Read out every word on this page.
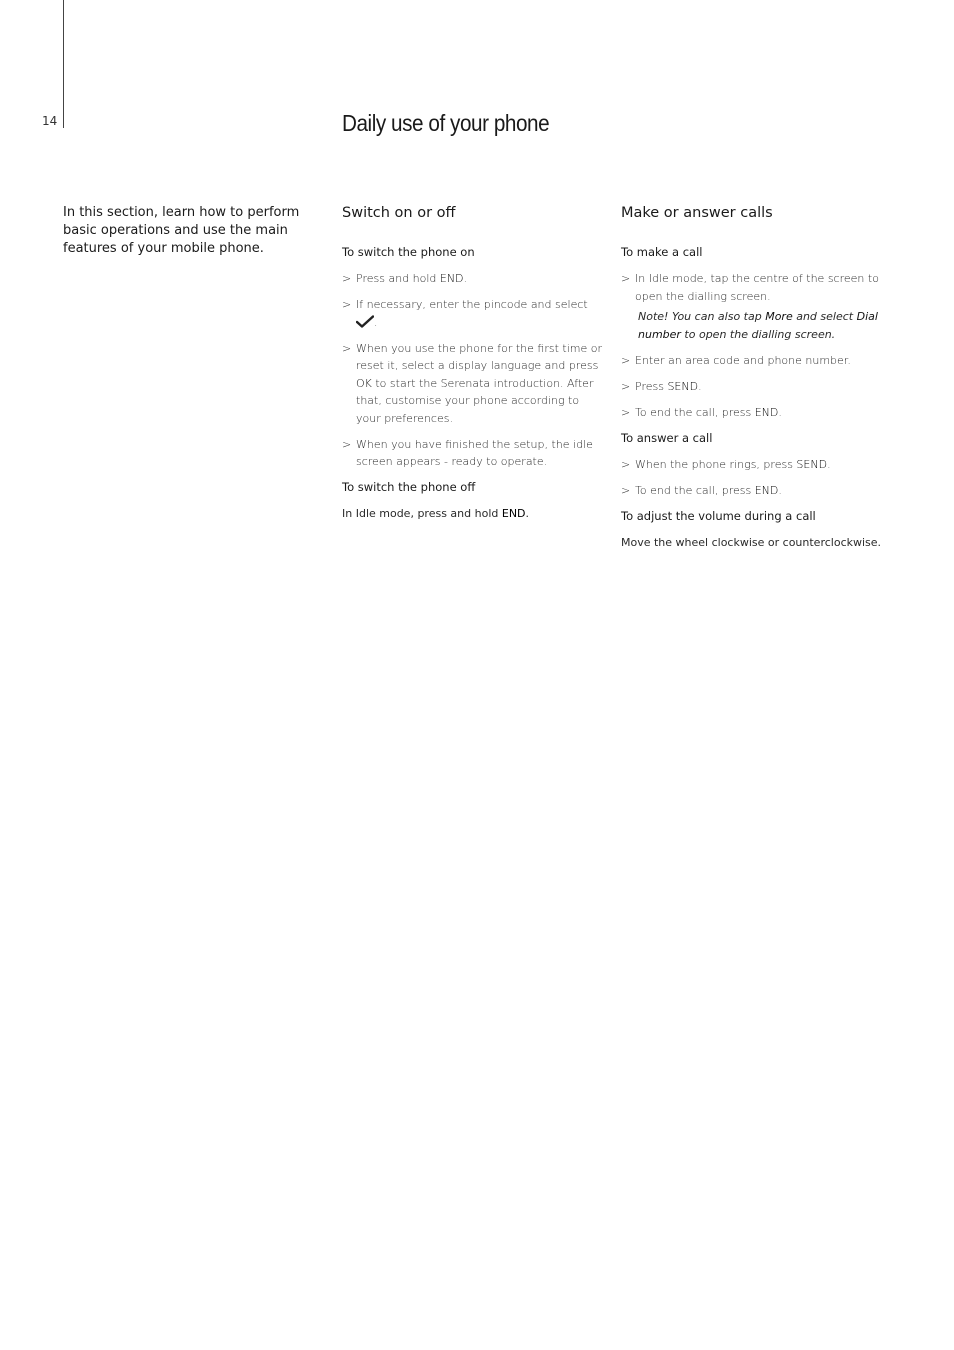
14	Daily use of your phone

In this section, learn how to perform basic operations and use the main features of your mobile phone.

Switch on or off
To switch the phone on
> Press and hold END.
> If necessary, enter the pincode and select .
> When you use the phone for the first time or reset it, select a display language and press OK to start the Serenata introduction. After that, customise your phone according to your preferences.
> When you have finished the setup, the idle screen appears - ready to operate.
To switch the phone off

In Idle mode, press and hold END.

Make or answer calls
To make a call
> In Idle mode, tap the centre of the screen to open the dialling screen.
Note! You can also tap More and select Dial number to open the dialling screen.
> Enter an area code and phone number.
> Press SEND.
> To end the call, press END.
To answer a call
> When the phone rings, press SEND.
> To end the call, press END.
To adjust the volume during a call

Move the wheel clockwise or counterclockwise.
